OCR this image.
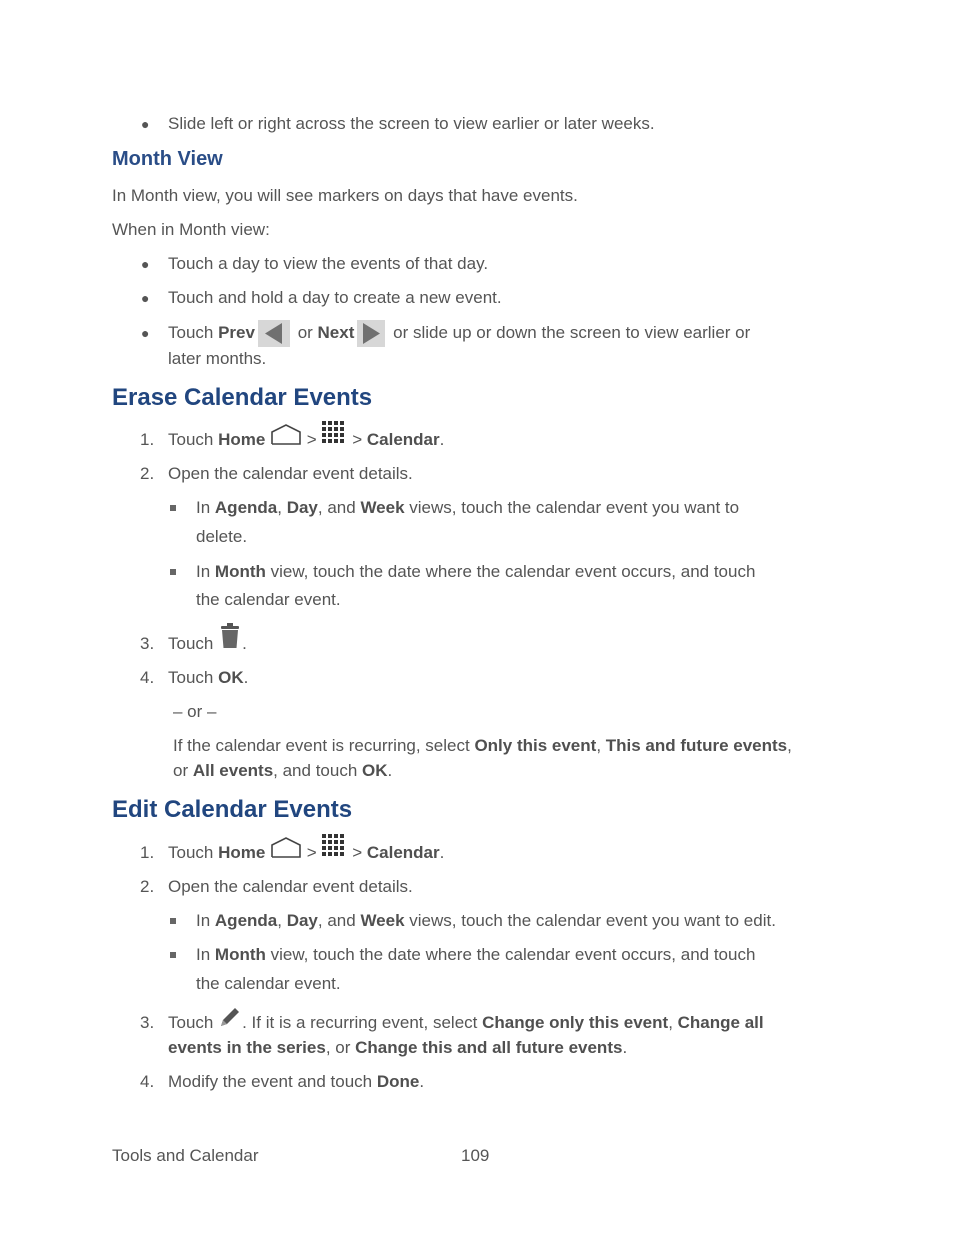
● Slide left or right across the screen to view earlier or later weeks.
Month View
In Month view, you will see markers on days that have events.
When in Month view:
● Touch a day to view the events of that day.
● Touch and hold a day to create a new event.
● Touch Prev or Next or slide up or down the screen to view earlier or
later months.
Erase Calendar Events
1. Touch Home > > Calendar.
2. Open the calendar event details.
In Agenda, Day, and Week views, touch the calendar event you want to
delete.
In Month view, touch the date where the calendar event occurs, and touch
the calendar event.
3. Touch .
4. Touch OK.
– or –
If the calendar event is recurring, select Only this event, This and future events,
or All events, and touch OK.
Edit Calendar Events
1. Touch Home > > Calendar.
2. Open the calendar event details.
In Agenda, Day, and Week views, touch the calendar event you want to edit.
In Month view, touch the date where the calendar event occurs, and touch
the calendar event.
3. Touch . If it is a recurring event, select Change only this event, Change all
events in the series, or Change this and all future events.
4. Modify the event and touch Done.
Tools and Calendar	109
